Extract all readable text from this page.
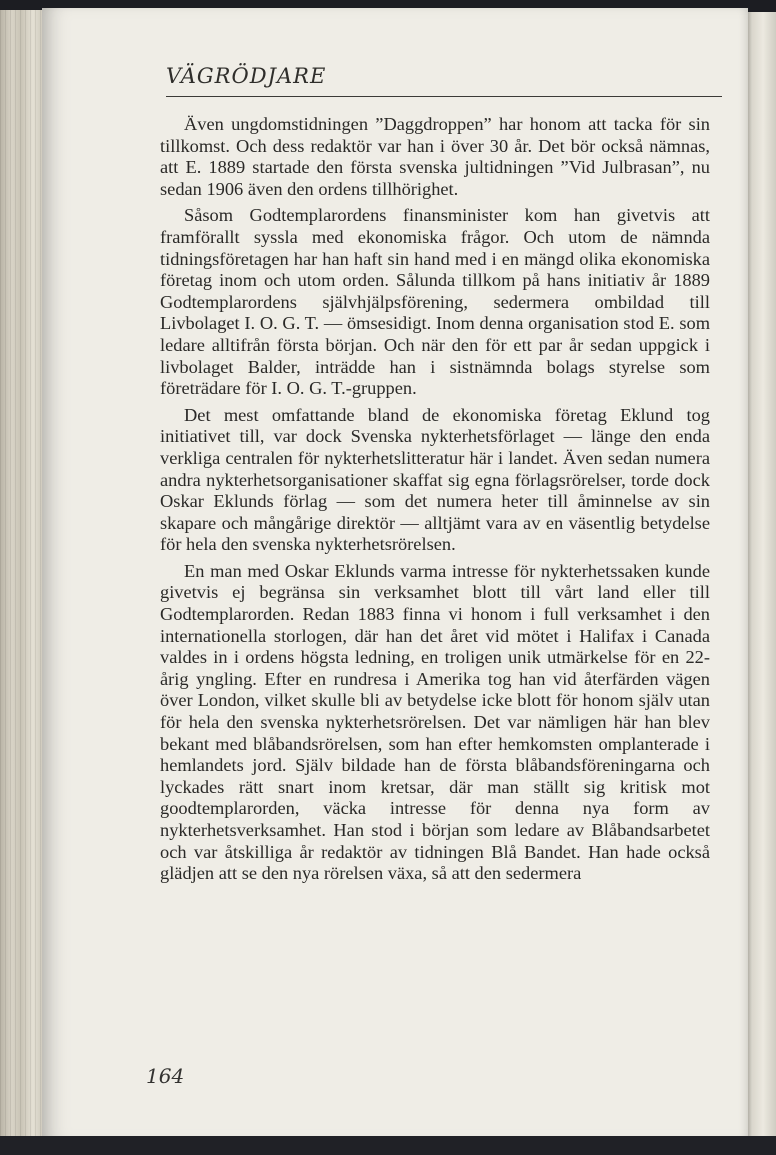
VÄGRÖDJARE

Även ungdomstidningen ”Daggdroppen” har honom att tacka för sin tillkomst. Och dess redaktör var han i över 30 år. Det bör också nämnas, att E. 1889 startade den första svenska jultidningen ”Vid Julbrasan”, nu sedan 1906 även den ordens tillhörighet.

Såsom Godtemplarordens finansminister kom han givetvis att framförallt syssla med ekonomiska frågor. Och utom de nämnda tidningsföretagen har han haft sin hand med i en mängd olika ekonomiska företag inom och utom orden. Sålunda tillkom på hans initiativ år 1889 Godtemplarordens självhjälpsförening, sedermera ombildad till Livbolaget I. O. G. T. — ömsesidigt. Inom denna organisation stod E. som ledare alltifrån första början. Och när den för ett par år sedan uppgick i livbolaget Balder, inträdde han i sistnämnda bolags styrelse som företrädare för I. O. G. T.-gruppen.

Det mest omfattande bland de ekonomiska företag Eklund tog initiativet till, var dock Svenska nykterhetsförlaget — länge den enda verkliga centralen för nykterhetslitteratur här i landet. Även sedan numera andra nykterhetsorganisationer skaffat sig egna förlagsrörelser, torde dock Oskar Eklunds förlag — som det numera heter till åminnelse av sin skapare och mångårige direktör — alltjämt vara av en väsentlig betydelse för hela den svenska nykterhetsrörelsen.

En man med Oskar Eklunds varma intresse för nykterhetssaken kunde givetvis ej begränsa sin verksamhet blott till vårt land eller till Godtemplarorden. Redan 1883 finna vi honom i full verksamhet i den internationella storlogen, där han det året vid mötet i Halifax i Canada valdes in i ordens högsta ledning, en troligen unik utmärkelse för en 22-årig yngling. Efter en rundresa i Amerika tog han vid återfärden vägen över London, vilket skulle bli av betydelse icke blott för honom själv utan för hela den svenska nykterhetsrörelsen. Det var nämligen här han blev bekant med blåbandsrörelsen, som han efter hemkomsten omplanterade i hemlandets jord. Själv bildade han de första blåbandsföreningarna och lyckades rätt snart inom kretsar, där man ställt sig kritisk mot goodtemplarorden, väcka intresse för denna nya form av nykterhetsverksamhet. Han stod i början som ledare av Blåbandsarbetet och var åtskilliga år redaktör av tidningen Blå Bandet. Han hade också glädjen att se den nya rörelsen växa, så att den sedermera

164
